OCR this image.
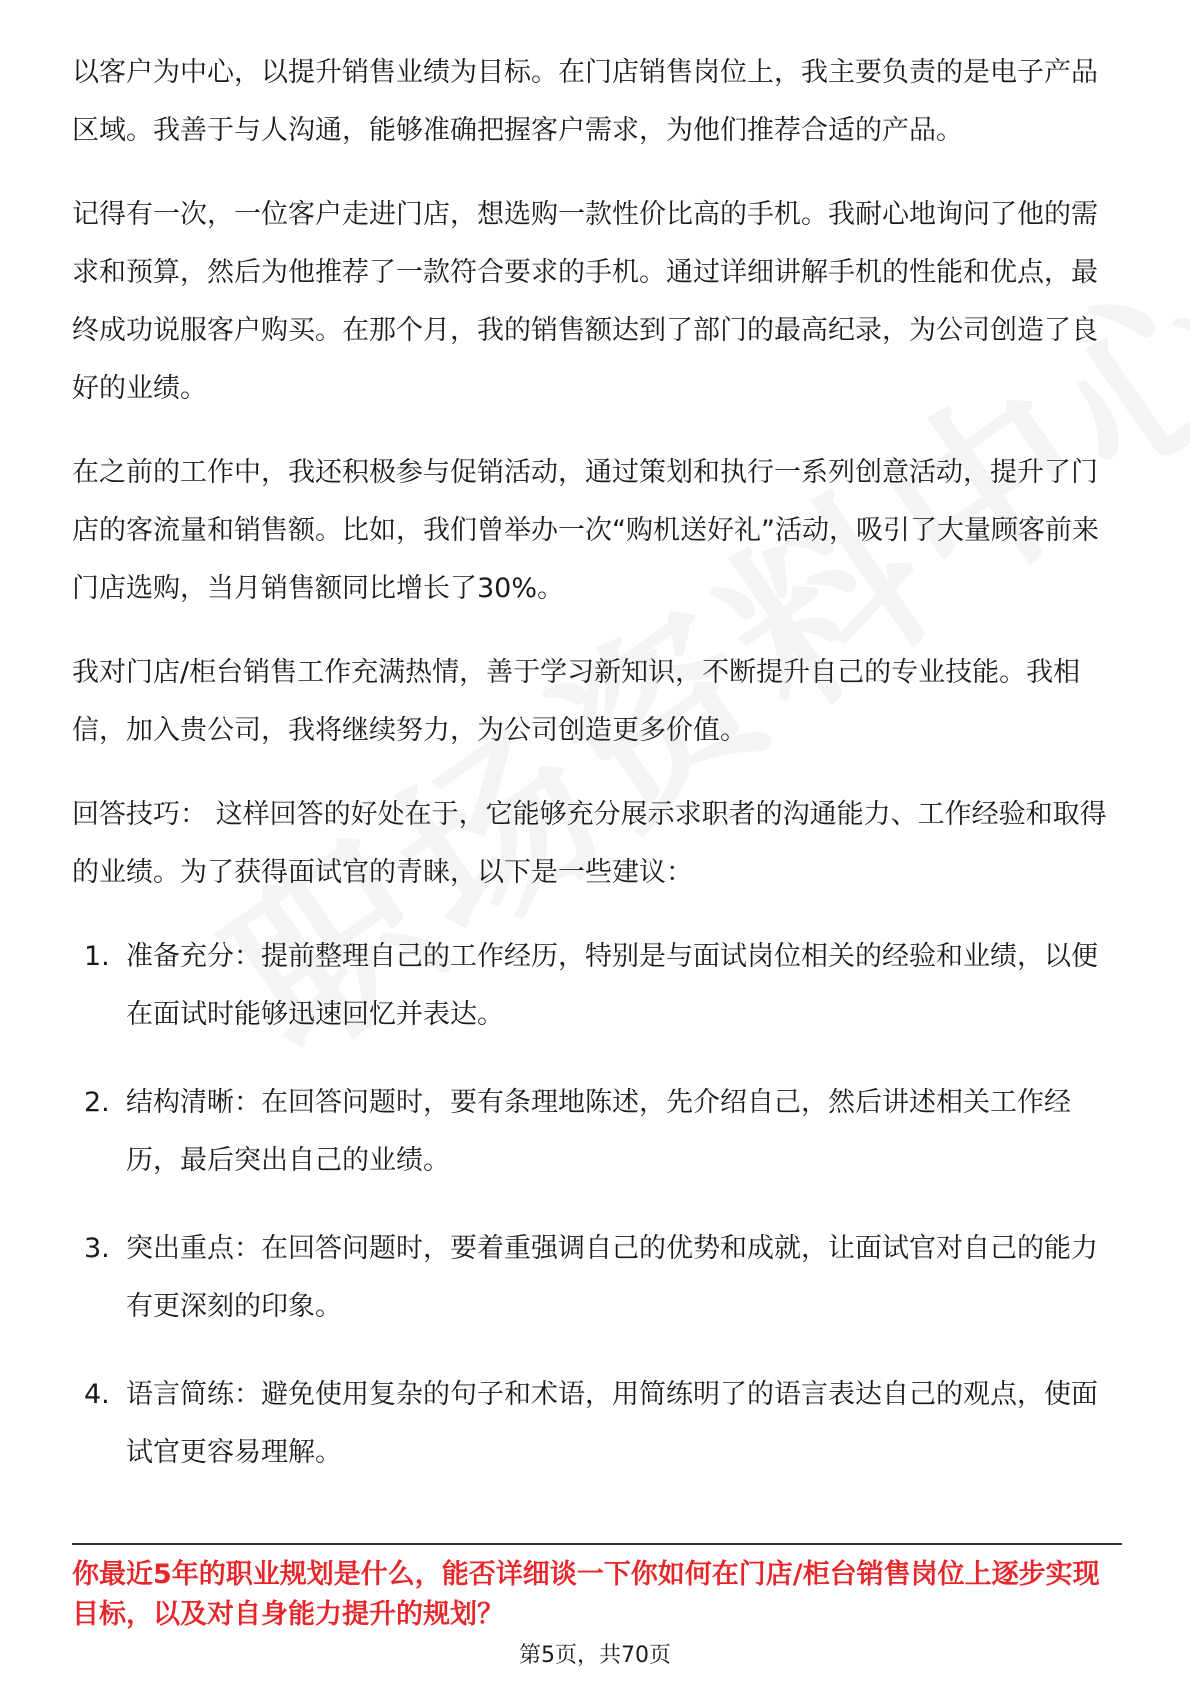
以客户为中心，以提升销售业绩为目标。在门店销售岗位上，我主要负责的是电子产品区域。我善于与人沟通，能够准确把握客户需求，为他们推荐合适的产品。

记得有一次，一位客户走进门店，想选购一款性价比高的手机。我耐心地询问了他的需求和预算，然后为他推荐了一款符合要求的手机。通过详细讲解手机的性能和优点，最终成功说服客户购买。在那个月，我的销售额达到了部门的最高纪录，为公司创造了良好的业绩。

在之前的工作中，我还积极参与促销活动，通过策划和执行一系列创意活动，提升了门店的客流量和销售额。比如，我们曾举办一次“购机送好礼”活动，吸引了大量顾客前来门店选购，当月销售额同比增长了30%。

我对门店/柜台销售工作充满热情，善于学习新知识，不断提升自己的专业技能。我相信，加入贵公司，我将继续努力，为公司创造更多价值。

回答技巧： 这样回答的好处在于，它能够充分展示求职者的沟通能力、工作经验和取得的业绩。为了获得面试官的青睐，以下是一些建议：

1. 准备充分：提前整理自己的工作经历，特别是与面试岗位相关的经验和业绩，以便在面试时能够迅速回忆并表达。
2. 结构清晰：在回答问题时，要有条理地陈述，先介绍自己，然后讲述相关工作经历，最后突出自己的业绩。
3. 突出重点：在回答问题时，要着重强调自己的优势和成就，让面试官对自己的能力有更深刻的印象。
4. 语言简练：避免使用复杂的句子和术语，用简练明了的语言表达自己的观点，使面试官更容易理解。

你最近5年的职业规划是什么，能否详细谈一下你如何在门店/柜台销售岗位上逐步实现目标，以及对自身能力提升的规划？

第5页，共70页
